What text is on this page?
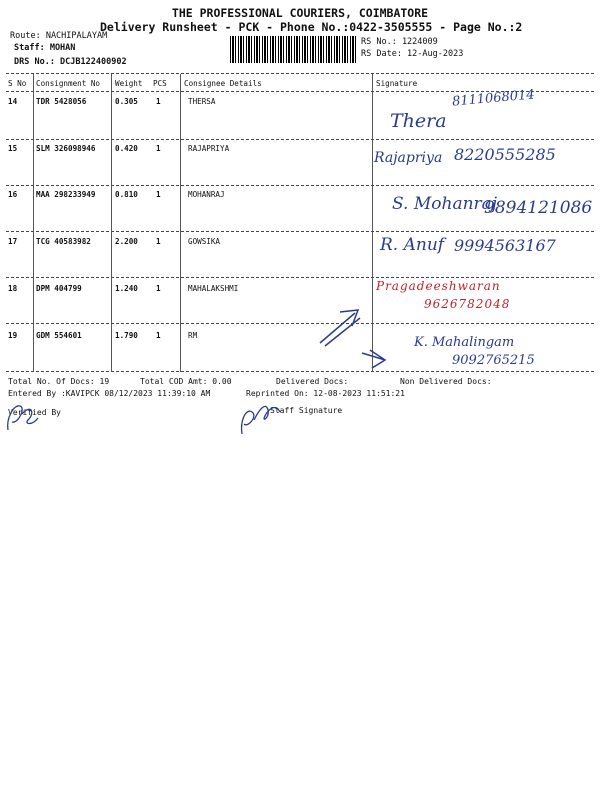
THE PROFESSIONAL COURIERS, COIMBATORE
Delivery Runsheet - PCK - Phone No.:0422-3505555 - Page No.:2
Route: NACHIPALAYAM
Staff: MOHAN
DRS No.: DCJB122400902
RS No.: 1224009
RS Date: 12-Aug-2023
S No Consignment No Weight PCS Consignee Details	Signature
14 TDR 5428056	0.305 1	THERSA	8111068014
Thera
15 SLM 326098946	0.420 1	RAJAPRIYA
Rajapriya 8220555285
16 MAA 298233949	0.810 1	MOHANRAJ	S. Mohanraj
9894121086
17 TCG 40583982	2.200 1	GOWSIKA	R. Anuf 9994563167
18 DPM 404799	1.240 1	MAHALAKSHMI	Pragadeeshwaran
9626782048
19 GDM 554601	1.790 1	RM	K. Mahalingam
9092765215
Total No. Of Docs: 19	Total COD Amt: 0.00	Delivered Docs:	Non Delivered Docs:
Entered By :KAVIPCK 08/12/2023 11:39:10 AM	Reprinted On: 12-08-2023 11:51:21
Verified By	Staff Signature
